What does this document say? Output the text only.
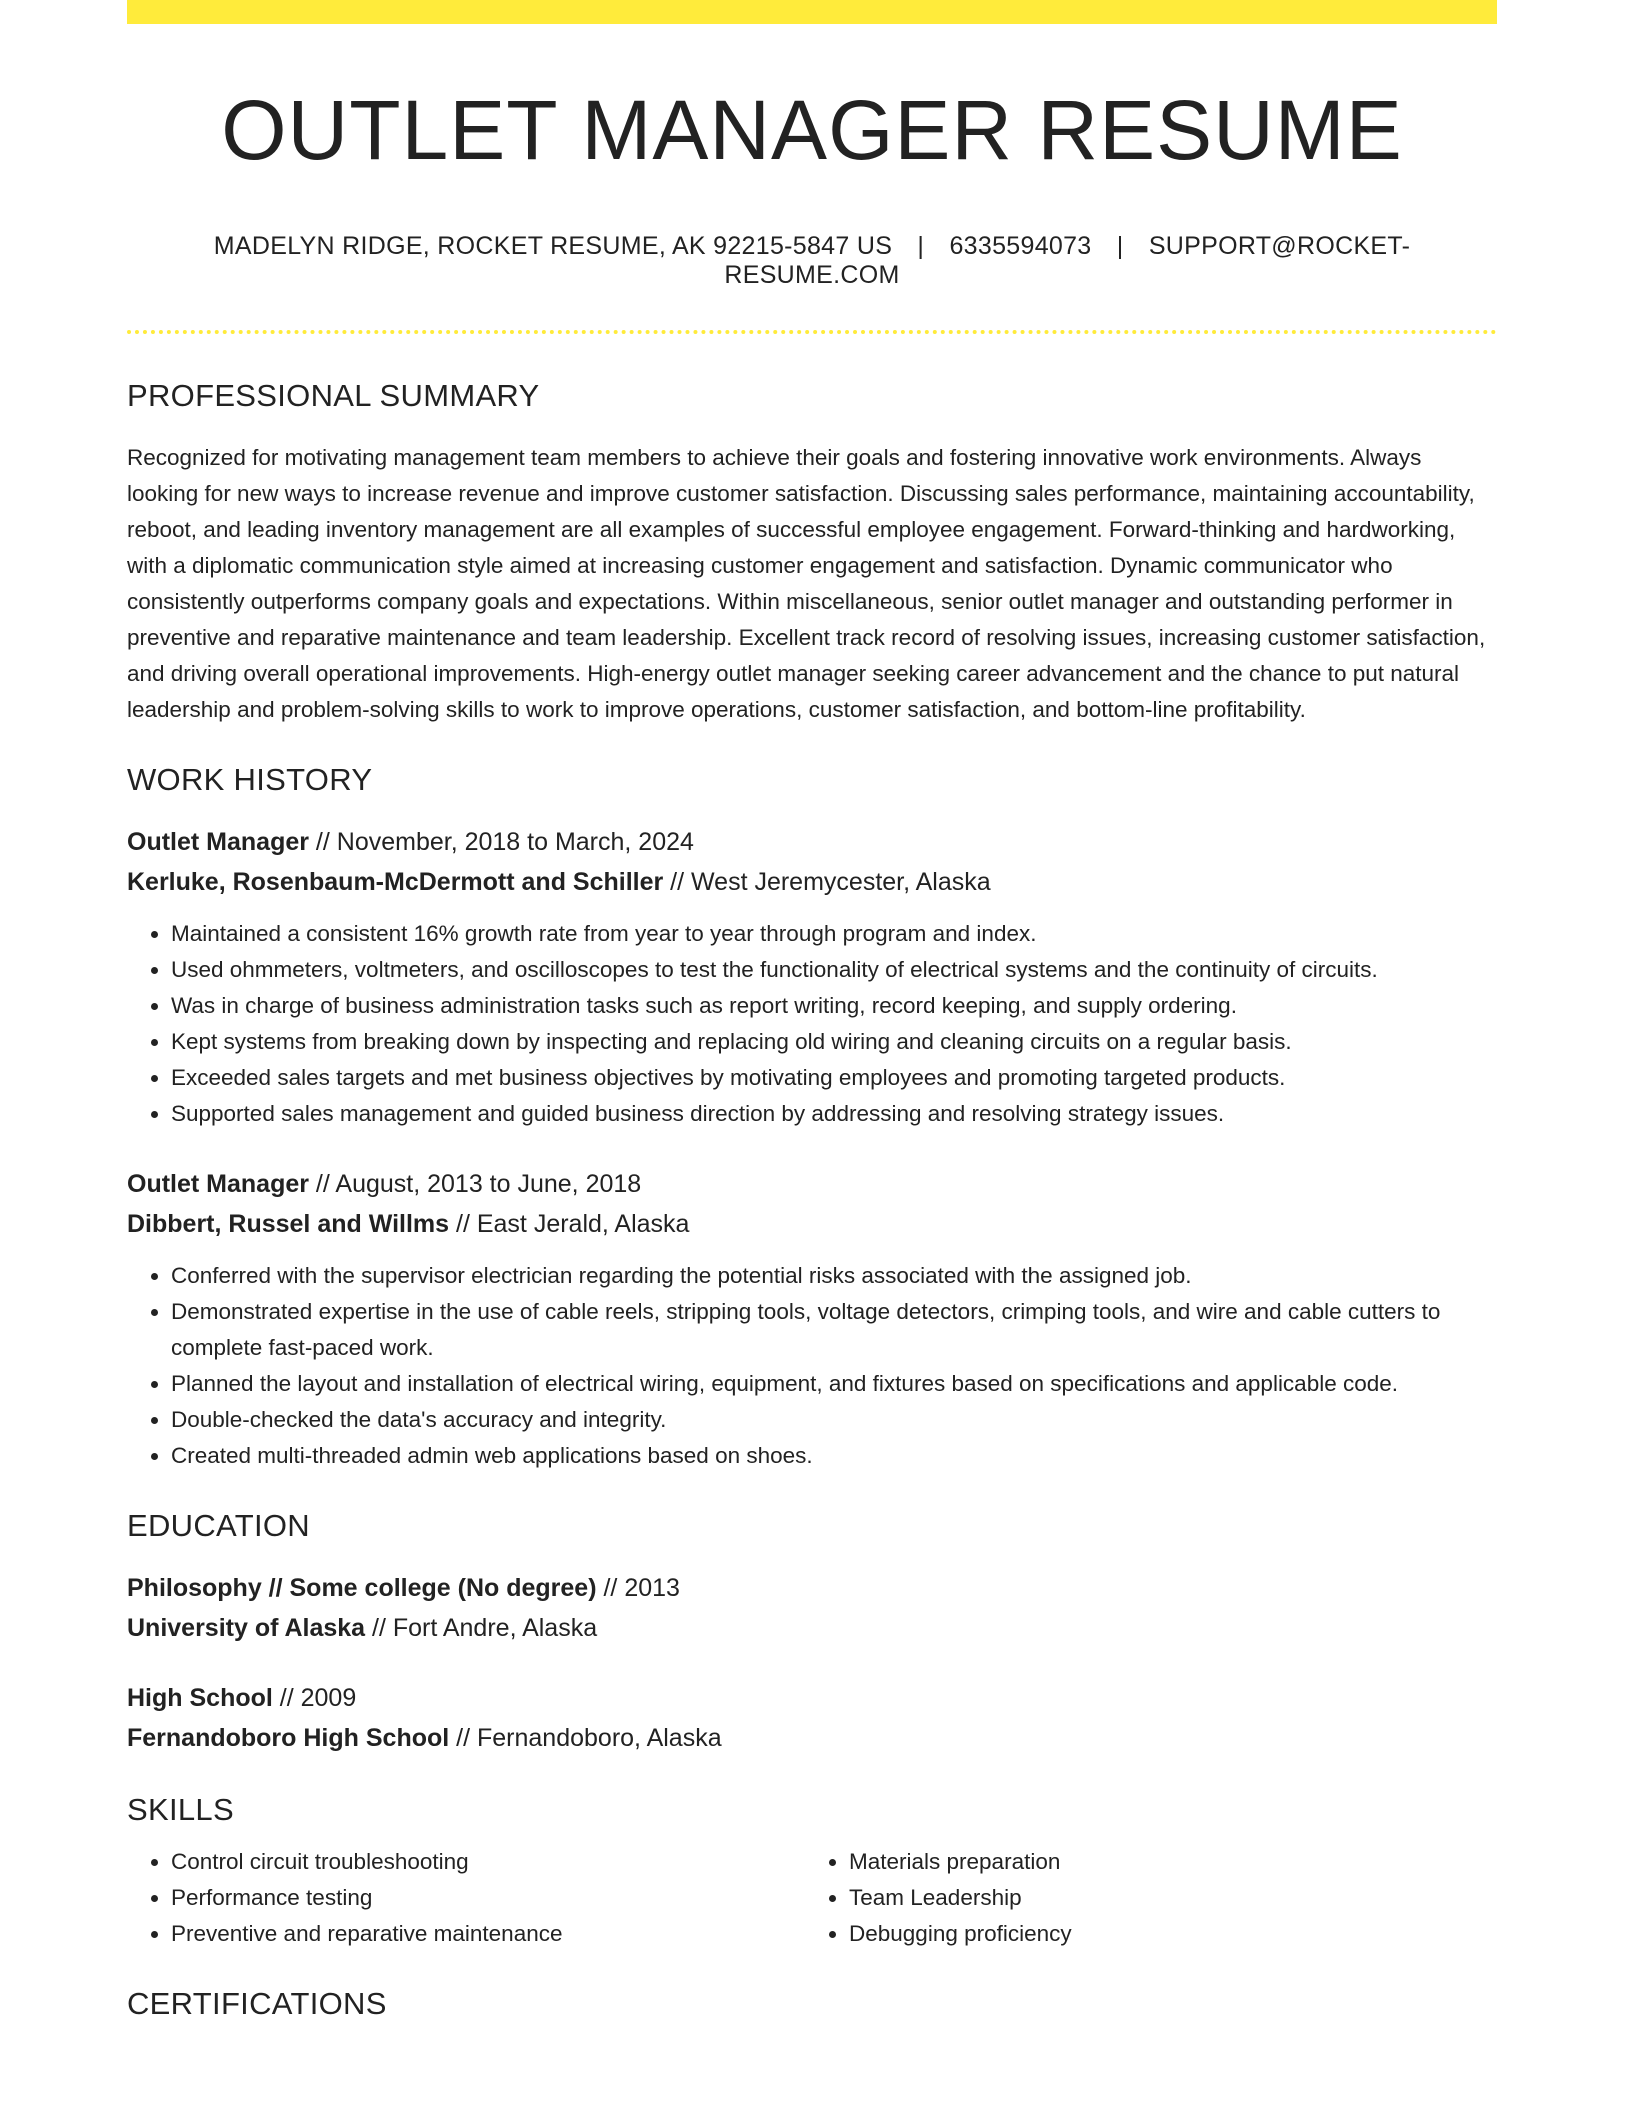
OUTLET MANAGER RESUME
MADELYN RIDGE, ROCKET RESUME, AK 92215-5847 US | 6335594073 | SUPPORT@ROCKET-RESUME.COM
PROFESSIONAL SUMMARY

Recognized for motivating management team members to achieve their goals and fostering innovative work environments. Always looking for new ways to increase revenue and improve customer satisfaction. Discussing sales performance, maintaining accountability, reboot, and leading inventory management are all examples of successful employee engagement. Forward-thinking and hardworking, with a diplomatic communication style aimed at increasing customer engagement and satisfaction. Dynamic communicator who consistently outperforms company goals and expectations. Within miscellaneous, senior outlet manager and outstanding performer in preventive and reparative maintenance and team leadership. Excellent track record of resolving issues, increasing customer satisfaction, and driving overall operational improvements. High-energy outlet manager seeking career advancement and the chance to put natural leadership and problem-solving skills to work to improve operations, customer satisfaction, and bottom-line profitability.

WORK HISTORY
Outlet Manager // November, 2018 to March, 2024
Kerluke, Rosenbaum-McDermott and Schiller // West Jeremycester, Alaska
• Maintained a consistent 16% growth rate from year to year through program and index.
• Used ohmmeters, voltmeters, and oscilloscopes to test the functionality of electrical systems and the continuity of circuits.
• Was in charge of business administration tasks such as report writing, record keeping, and supply ordering.
• Kept systems from breaking down by inspecting and replacing old wiring and cleaning circuits on a regular basis.
• Exceeded sales targets and met business objectives by motivating employees and promoting targeted products.
• Supported sales management and guided business direction by addressing and resolving strategy issues.
Outlet Manager // August, 2013 to June, 2018
Dibbert, Russel and Willms // East Jerald, Alaska
• Conferred with the supervisor electrician regarding the potential risks associated with the assigned job.
• Demonstrated expertise in the use of cable reels, stripping tools, voltage detectors, crimping tools, and wire and cable cutters to complete fast-paced work.
• Planned the layout and installation of electrical wiring, equipment, and fixtures based on specifications and applicable code.
• Double-checked the data's accuracy and integrity.
• Created multi-threaded admin web applications based on shoes.
EDUCATION
Philosophy // Some college (No degree) // 2013
University of Alaska // Fort Andre, Alaska
High School // 2009
Fernandoboro High School // Fernandoboro, Alaska
SKILLS
• Control circuit troubleshooting
• Performance testing
• Preventive and reparative maintenance
• Materials preparation
• Team Leadership
• Debugging proficiency
CERTIFICATIONS
